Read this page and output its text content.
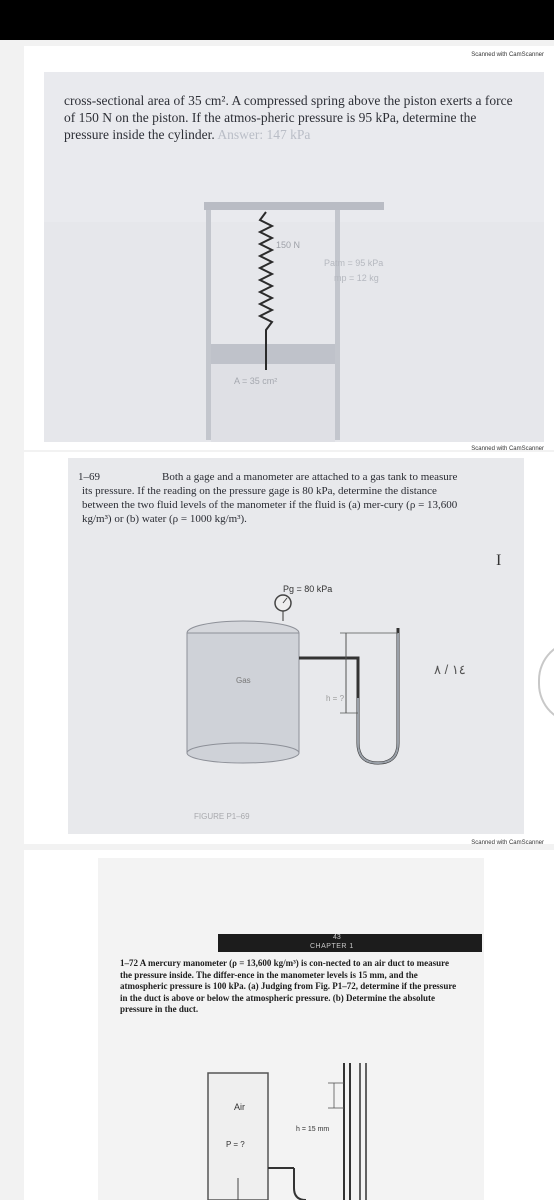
Scanned with CamScanner
cross-sectional area of 35 cm². A compressed spring above the piston exerts a force of 150 N on the piston. If the atmos-pheric pressure is 95 kPa, determine the pressure inside the cylinder. Answer: 147 kPa
150 N
Patm = 95 kPa
mp = 12 kg
A = 35 cm²
Scanned with CamScanner
1–69	Both a gage and a manometer are attached to a gas tank to measure its pressure. If the reading on the pressure gage is 80 kPa, determine the distance between the two fluid levels of the manometer if the fluid is (a) mer-cury (ρ = 13,600 kg/m³) or (b) water (ρ = 1000 kg/m³).
Pg = 80 kPa
Gas
h = ?
FIGURE P1–69
١٤ / ٨
I
Scanned with CamScanner
43
CHAPTER 1
1–72 A mercury manometer (ρ = 13,600 kg/m³) is con-nected to an air duct to measure the pressure inside. The differ-ence in the manometer levels is 15 mm, and the atmospheric pressure is 100 kPa. (a) Judging from Fig. P1–72, determine if the pressure in the duct is above or below the atmospheric pressure. (b) Determine the absolute pressure in the duct.
Air
P = ?
h = 15 mm
